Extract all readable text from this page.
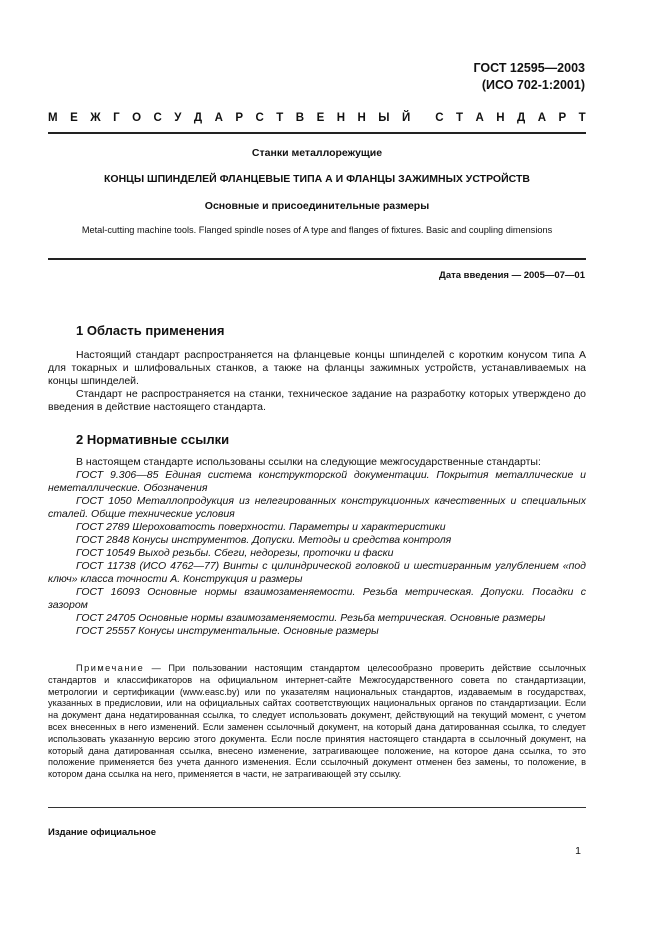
ГОСТ 12595—2003
(ИСО 702-1:2001)
М Е Ж Г О С У Д А Р С Т В Е Н Н Ы Й С Т А Н Д А Р Т
Станки металлорежущие
КОНЦЫ ШПИНДЕЛЕЙ ФЛАНЦЕВЫЕ ТИПА А И ФЛАНЦЫ ЗАЖИМНЫХ УСТРОЙСТВ
Основные и присоединительные размеры
Metal-cutting machine tools. Flanged spindle noses of A type and flanges of fixtures. Basic and coupling dimensions
Дата введения — 2005—07—01
1 Область применения

Настоящий стандарт распространяется на фланцевые концы шпинделей с коротким конусом типа А для токарных и шлифовальных станков, а также на фланцы зажимных устройств, устанавливаемых на концы шпинделей.

Стандарт не распространяется на станки, техническое задание на разработку которых утверждено до введения в действие настоящего стандарта.

2 Нормативные ссылки

В настоящем стандарте использованы ссылки на следующие межгосударственные стандарты:

ГОСТ 9.306—85 Единая система конструкторской документации. Покрытия металлические и неметаллические. Обозначения

ГОСТ 1050 Металлопродукция из нелегированных конструкционных качественных и специальных сталей. Общие технические условия

ГОСТ 2789 Шероховатость поверхности. Параметры и характеристики

ГОСТ 2848 Конусы инструментов. Допуски. Методы и средства контроля

ГОСТ 10549 Выход резьбы. Сбеги, недорезы, проточки и фаски

ГОСТ 11738 (ИСО 4762—77) Винты с цилиндрической головкой и шестигранным углублением «под ключ» класса точности А. Конструкция и размеры

ГОСТ 16093 Основные нормы взаимозаменяемости. Резьба метрическая. Допуски. Посадки с зазором

ГОСТ 24705 Основные нормы взаимозаменяемости. Резьба метрическая. Основные размеры

ГОСТ 25557 Конусы инструментальные. Основные размеры

Примечание — При пользовании настоящим стандартом целесообразно проверить действие ссылочных стандартов и классификаторов на официальном интернет-сайте Межгосударственного совета по стандартизации, метрологии и сертификации (www.easc.by) или по указателям национальных стандартов, издаваемым в государствах, указанных в предисловии, или на официальных сайтах соответствующих национальных органов по стандартизации. Если на документ дана недатированная ссылка, то следует использовать документ, действующий на текущий момент, с учетом всех внесенных в него изменений. Если заменен ссылочный документ, на который дана датированная ссылка, то следует использовать указанную версию этого документа. Если после принятия настоящего стандарта в ссылочный документ, на который дана датированная ссылка, внесено изменение, затрагивающее положение, на которое дана ссылка, то это положение применяется без учета данного изменения. Если ссылочный документ отменен без замены, то положение, в котором дана ссылка на него, применяется в части, не затрагивающей эту ссылку.

Издание официальное
1
